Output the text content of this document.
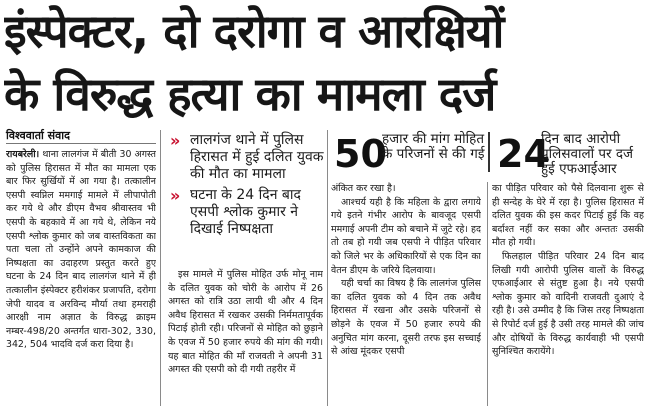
इंस्पेक्टर, दो दरोगा व आरक्षियों
के विरुद्ध हत्या का मामला दर्ज
विश्ववार्ता संवाद

रायबरेली। थाना लालगंज में बीती 30 अगस्त को पुलिस हिरासत में मौत का मामला एक बार फिर सुर्खियों में आ गया है। तत्कालीन एसपी स्वप्निल ममगाई मामले में लीपापोती कर गये थे और डीएम वैभव श्रीवास्तव भी एसपी के बहकावे में आ गये थे, लेकिन नये एसपी श्लोक कुमार को जब वास्तविकता का पता चला तो उन्होंने अपने कामकाज की निष्पक्षता का उदाहरण प्रस्तुत करते हुए घटना के 24 दिन बाद लालगंज थाने में ही तत्कालीन इंस्पेक्टर हरीशंकर प्रजापति, दरोगा जेपी यादव व अरविन्द मौर्या तथा हमराही आरक्षी नाम अज्ञात के विरुद्ध क्राइम नम्बर-498/20 अन्तर्गत धारा-302, 330, 342, 504 भादवि दर्ज करा दिया है।

» लालगंज थाने में पुलिस हिरासत में हुई दलित युवक की मौत का मामला
» घटना के 24 दिन बाद एसपी श्लोक कुमार ने दिखाई निष्पक्षता

इस मामले में पुलिस मोहित उर्फ मोनू नाम के दलित युवक को चोरी के आरोप में 26 अगस्त को रात्रि उठा लायी थी और 4 दिन अवैध हिरासत में रखकर उसकी निर्ममतापूर्वक पिटाई होती रही। परिजनों से मोहित को छुड़ाने के एवज में 50 हजार रुपये की मांग की गयी। यह बात मोहित की माँ राजवती ने अपनी 31 अगस्त की एसपी को दी गयी तहरीर में

50
हजार की मांग मोहित के परिजनों से की गई 24
दिन बाद आरोपी पुलिसवालों पर दर्ज हुई एफआईआर

अंकित कर रखा है।

आश्चर्य यही है कि महिला के द्वारा लगाये गये इतने गंभीर आरोप के बावजूद एसपी ममगाई अपनी टीम को बचाने में जुटे रहे। हद तो तब हो गयी जब एसपी ने पीड़ित परिवार को जिले भर के अधिकारियों से एक दिन का वेतन डीएम के जरिये दिलवाया।

यही चर्चा का विषय है कि लालगंज पुलिस का दलित युवक को 4 दिन तक अवैध हिरासत में रखना और उसके परिजनों से छोड़ने के एवज में 50 हजार रुपये की अनुचित मांग करना, दूसरी तरफ इस सच्चाई से आंख मूंदकर एसपी

का पीड़ित परिवार को पैसे दिलवाना शुरू से ही सन्देह के घेरे में रहा है। पुलिस हिरासत में दलित युवक की इस कदर पिटाई हुई कि वह बर्दाश्त नहीं कर सका और अन्ततः उसकी मौत हो गयी।

फिलहाल पीड़ित परिवार 24 दिन बाद लिखी गयी आरोपी पुलिस वालों के विरुद्ध एफआईआर से संतुष्ट हुआ है। नये एसपी श्लोक कुमार को वादिनी राजवती दुआएं दे रही है। उसे उम्मीद है कि जिस तरह निष्पक्षता से रिपोर्ट दर्ज हुई है उसी तरह मामले की जांच और दोषियों के विरुद्ध कार्यवाही भी एसपी सुनिश्चित करायेंगे।
